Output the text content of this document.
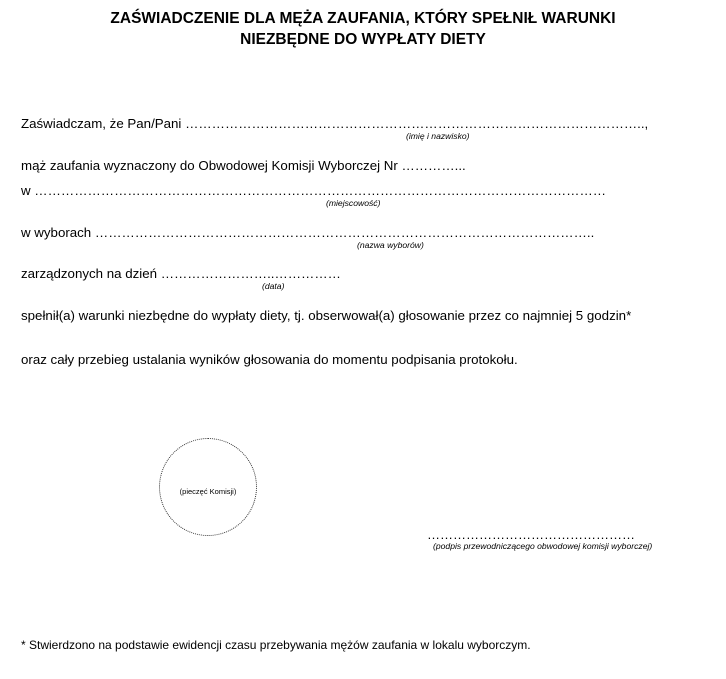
ZAŚWIADCZENIE DLA MĘŻA ZAUFANIA, KTÓRY SPEŁNIŁ WARUNKI
NIEZBĘDNE DO WYPŁATY DIETY
Zaświadczam, że Pan/Pani …………………………………………………………………………………………..,
(imię i nazwisko)
mąż zaufania wyznaczony do Obwodowej Komisji Wyborczej Nr …………...
w …………………………………………………………………………………………………………………
(miejscowość)
w wyborach …………………………………………………………………………………………………..
(nazwa wyborów)
zarządzonych na dzień ……………………..……………
(data)
spełnił(a) warunki niezbędne do wypłaty diety, tj. obserwował(a) głosowanie przez co najmniej 5 godzin*
oraz cały przebieg ustalania wyników głosowania do momentu podpisania protokołu.
(pieczęć Komisji)
…………………………………………
(podpis przewodniczącego obwodowej komisji wyborczej)
* Stwierdzono na podstawie ewidencji czasu przebywania mężów zaufania w lokalu wyborczym.
